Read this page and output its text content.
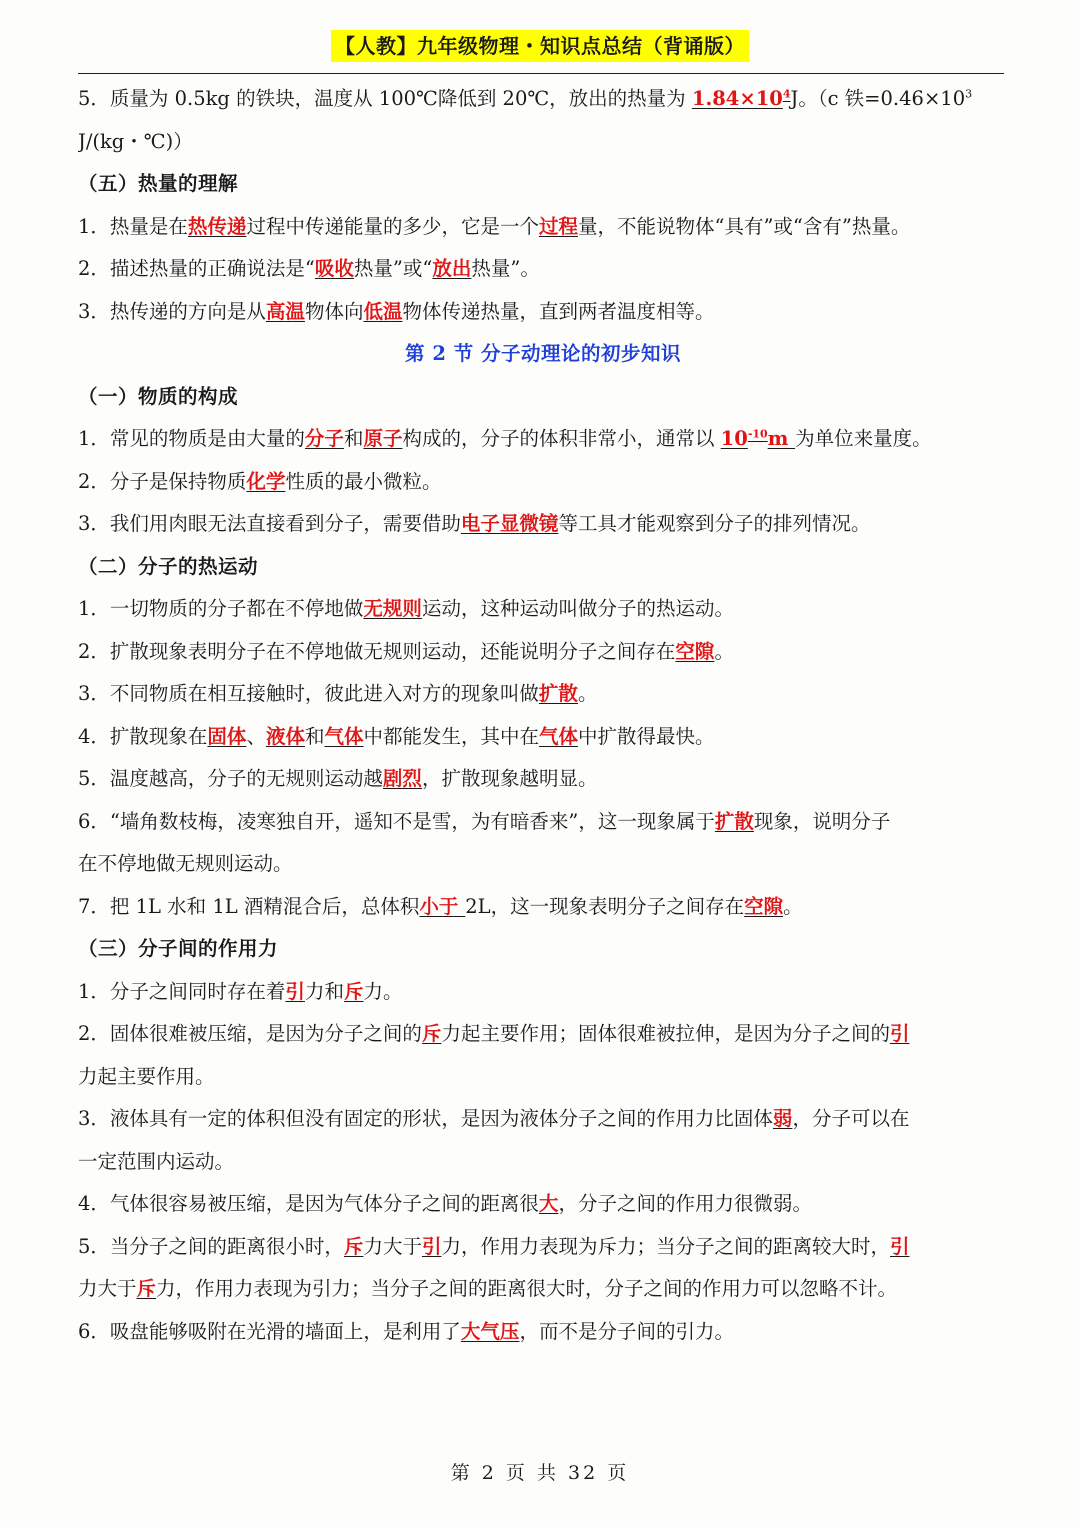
【人教】九年级物理・知识点总结（背诵版）
5．质量为 0.5kg 的铁块，温度从 100℃降低到 20℃，放出的热量为 $1.84\times 10^4J$。（c 铁$=0.46\times 10^3$
J/(kg・℃)）
（五）热量的理解
1．热量是在热传递过程中传递能量的多少，它是一个过程量，不能说物体“具有”或“含有”热量。
2．描述热量的正确说法是“吸收热量”或“放出热量”。
3．热传递的方向是从高温物体向低温物体传递热量，直到两者温度相等。
第 2 节 分子动理论的初步知识
（一）物质的构成
1．常见的物质是由大量的分子和原子构成的，分子的体积非常小，通常以 $10^{-10}m$ 为单位来量度。
2．分子是保持物质化学性质的最小微粒。
3．我们用肉眼无法直接看到分子，需要借助电子显微镜等工具才能观察到分子的排列情况。
（二）分子的热运动
1．一切物质的分子都在不停地做无规则运动，这种运动叫做分子的热运动。
2．扩散现象表明分子在不停地做无规则运动，还能说明分子之间存在空隙。
3．不同物质在相互接触时，彼此进入对方的现象叫做扩散。
4．扩散现象在固体、液体和气体中都能发生，其中在气体中扩散得最快。
5．温度越高，分子的无规则运动越剧烈，扩散现象越明显。
6．“墙角数枝梅，凌寒独自开，遥知不是雪，为有暗香来”，这一现象属于扩散现象，说明分子
在不停地做无规则运动。
7．把 1L 水和 1L 酒精混合后，总体积小于 2L，这一现象表明分子之间存在空隙。
（三）分子间的作用力
1．分子之间同时存在着引力和斥力。
2．固体很难被压缩，是因为分子之间的斥力起主要作用；固体很难被拉伸，是因为分子之间的引
力起主要作用。
3．液体具有一定的体积但没有固定的形状，是因为液体分子之间的作用力比固体弱，分子可以在
一定范围内运动。
4．气体很容易被压缩，是因为气体分子之间的距离很大，分子之间的作用力很微弱。
5．当分子之间的距离很小时，斥力大于引力，作用力表现为斥力；当分子之间的距离较大时，引
力大于斥力，作用力表现为引力；当分子之间的距离很大时，分子之间的作用力可以忽略不计。
6．吸盘能够吸附在光滑的墙面上，是利用了大气压，而不是分子间的引力。
第 2 页 共 32 页
